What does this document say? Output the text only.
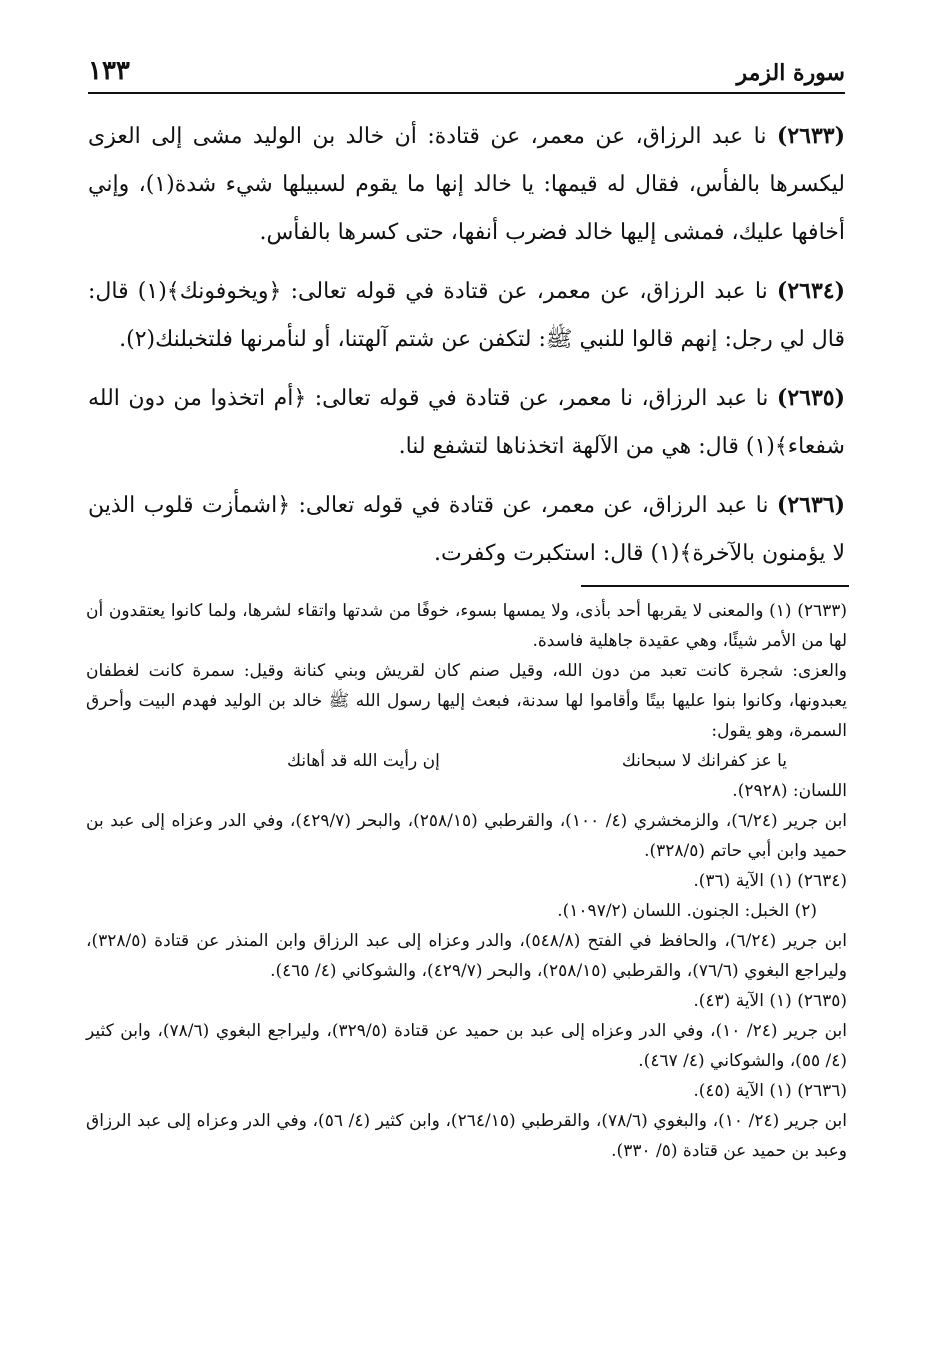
سورة الزمر
١٣٣

(٢٦٣٣) نا عبد الرزاق، عن معمر، عن قتادة: أن خالد بن الوليد مشى إلى العزى ليكسرها بالفأس، فقال له قيمها: يا خالد إنها ما يقوم لسبيلها شيء شدة(١)، وإني أخافها عليك، فمشى إليها خالد فضرب أنفها، حتى كسرها بالفأس.

(٢٦٣٤) نا عبد الرزاق، عن معمر، عن قتادة في قوله تعالى: ﴿ويخوفونك﴾(١) قال: قال لي رجل: إنهم قالوا للنبي ﷺ: لتكفن عن شتم آلهتنا، أو لنأمرنها فلتخبلنك(٢).

(٢٦٣٥) نا عبد الرزاق، نا معمر، عن قتادة في قوله تعالى: ﴿أم اتخذوا من دون الله شفعاء﴾(١) قال: هي من الآلهة اتخذناها لتشفع لنا.

(٢٦٣٦) نا عبد الرزاق، عن معمر، عن قتادة في قوله تعالى: ﴿اشمأزت قلوب الذين لا يؤمنون بالآخرة﴾(١) قال: استكبرت وكفرت.

(٢٦٣٣) (١) والمعنى لا يقربها أحد بأذى، ولا يمسها بسوء، خوفًا من شدتها واتقاء لشرها، ولما كانوا يعتقدون أن لها من الأمر شيئًا، وهي عقيدة جاهلية فاسدة.

والعزى: شجرة كانت تعبد من دون الله، وقيل صنم كان لقريش وبني كنانة وقيل: سمرة كانت لغطفان يعبدونها، وكانوا بنوا عليها بيتًا وأقاموا لها سدنة، فبعث إليها رسول الله ﷺ خالد بن الوليد فهدم البيت وأحرق السمرة، وهو يقول:

يا عز كفرانك لا سبحانك
إن رأيت الله قد أهانك

اللسان: (٢٩٢٨).

ابن جرير (٦/٢٤)، والزمخشري (٤/ ١٠٠)، والقرطبي (٢٥٨/١٥)، والبحر (٤٢٩/٧)، وفي الدر وعزاه إلى عبد بن حميد وابن أبي حاتم (٣٢٨/٥).

(٢٦٣٤) (١) الآية (٣٦).

(٢) الخبل: الجنون. اللسان (١٠٩٧/٢).

ابن جرير (٦/٢٤)، والحافظ في الفتح (٥٤٨/٨)، والدر وعزاه إلى عبد الرزاق وابن المنذر عن قتادة (٣٢٨/٥)، وليراجع البغوي (٧٦/٦)، والقرطبي (٢٥٨/١٥)، والبحر (٤٢٩/٧)، والشوكاني (٤/ ٤٦٥).

(٢٦٣٥) (١) الآية (٤٣).

ابن جرير (٢٤/ ١٠)، وفي الدر وعزاه إلى عبد بن حميد عن قتادة (٣٢٩/٥)، وليراجع البغوي (٧٨/٦)، وابن كثير (٤/ ٥٥)، والشوكاني (٤/ ٤٦٧).

(٢٦٣٦) (١) الآية (٤٥).

ابن جرير (٢٤/ ١٠)، والبغوي (٧٨/٦)، والقرطبي (٢٦٤/١٥)، وابن كثير (٤/ ٥٦)، وفي الدر وعزاه إلى عبد الرزاق وعبد بن حميد عن قتادة (٥/ ٣٣٠).
